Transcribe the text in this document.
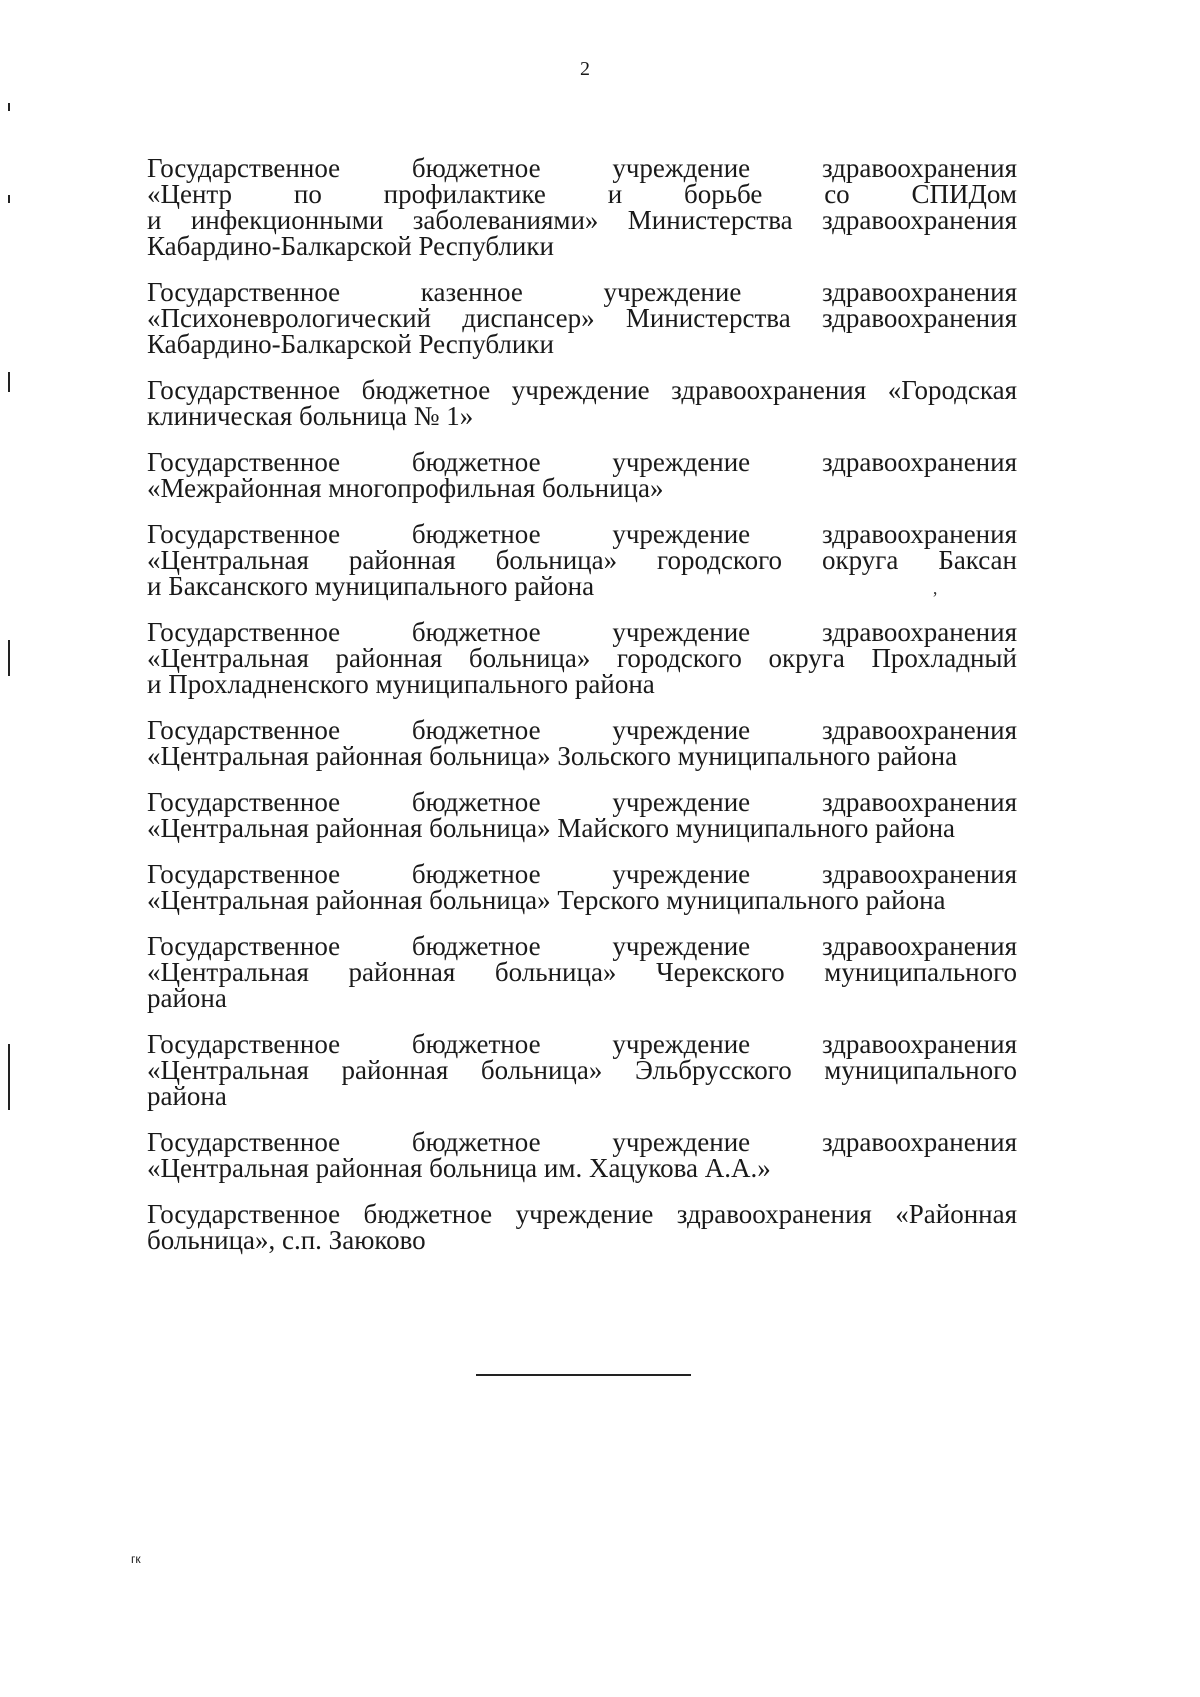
2
Государственное бюджетное учреждение здравоохранения
«Центр по профилактике и борьбе со СПИДом
и инфекционными заболеваниями» Министерства здравоохранения
Кабардино-Балкарской Республики
Государственное казенное учреждение здравоохранения
«Психоневрологический диспансер» Министерства здравоохранения
Кабардино-Балкарской Республики
Государственное бюджетное учреждение здравоохранения «Городская
клиническая больница № 1»
Государственное бюджетное учреждение здравоохранения
«Межрайонная многопрофильная больница»
Государственное бюджетное учреждение здравоохранения
«Центральная районная больница» городского округа Баксан
и Баксанского муниципального района
Государственное бюджетное учреждение здравоохранения
«Центральная районная больница» городского округа Прохладный
и Прохладненского муниципального района
Государственное бюджетное учреждение здравоохранения
«Центральная районная больница» Зольского муниципального района
Государственное бюджетное учреждение здравоохранения
«Центральная районная больница» Майского муниципального района
Государственное бюджетное учреждение здравоохранения
«Центральная районная больница» Терского муниципального района
Государственное бюджетное учреждение здравоохранения
«Центральная районная больница» Черекского муниципального
района
Государственное бюджетное учреждение здравоохранения
«Центральная районная больница» Эльбрусского муниципального
района
Государственное бюджетное учреждение здравоохранения
«Центральная районная больница им. Хацукова А.А.»
Государственное бюджетное учреждение здравоохранения «Районная
больница», с.п. Заюково
гк
ʼ
